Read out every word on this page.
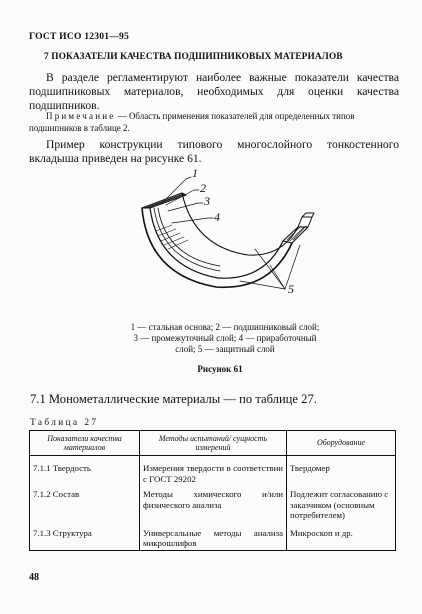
ГОСТ ИСО 12301—95
7 ПОКАЗАТЕЛИ КАЧЕСТВА ПОДШИПНИКОВЫХ МАТЕРИАЛОВ
В разделе регламентируют наиболее важные показатели качества подшипниковых материалов, необходимых для оценки качества подшипников.
Примечание — Область применения показателей для определенных типов подшипников в таблице 2.
Пример конструкции типового многослойного тонкостенного вкладыша приведен на рисунке 61.
1
2
3
4
5
1 — стальная основа; 2 — подшипниковый слой;
3 — промежуточный слой; 4 — приработочный
слой; 5 — защитный слой
Рисунок 61
7.1 Монометаллические материалы — по таблице 27.
Таблица 27
Показатели качества материалов	Методы испытаний/ сущность измерений	Оборудование
7.1.1 Твердость	Измерения твердости в соответствии с ГОСТ 29202	Твердомер
7.1.2 Состав	Методы химического и/или физического анализа	Подлежит согласованию с заказчиком (основным потребителем)
7.1.3 Структура	Универсальные методы анализа микрошлифов	Микроскоп и др.
48
